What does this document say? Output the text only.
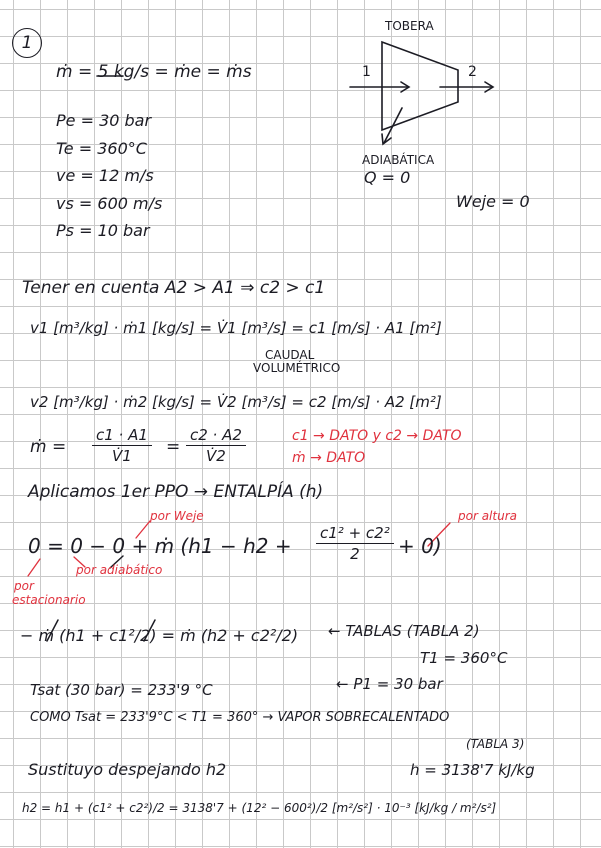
1
ṁ = 5 kg/s = ṁe = ṁs
Pe = 30 bar
Te = 360°C
ve = 12 m/s
vs = 600 m/s
Ps = 10 bar
TOBERA
1	2
ADIABÁTICA
Q = 0
Weje = 0
Tener en cuenta A2 > A1 ⇒ c2 > c1
v1 [m³/kg] · ṁ1 [kg/s] = V̇1 [m³/s] = c1 [m/s] · A1 [m²]
CAUDAL
VOLUMÉTRICO
v2 [m³/kg] · ṁ2 [kg/s] = V̇2 [m³/s] = c2 [m/s] · A2 [m²]
ṁ = $\frac{c1 \cdot A1}{V̇1} = \frac{c2 \cdot A2}{V̇2}$	c1 → DATO y c2 → DATO
ṁ → DATO
Aplicamos 1er PPO → ENTALPÍA (h)
por Weje	por altura
0 = 0 − 0 + ṁ $(h1 - h2 + \frac{\text{c1² + c2²}}{2} + 0)$
por adiabático
por
estacionario
− ṁ (h1 + c1²/2) = ṁ (h2 + c2²/2) ← TABLAS (TABLA 2)
T1 = 360°C
Tsat (30 bar) = 233'9 °C	← P1 = 30 bar
COMO Tsat = 233'9°C < T1 = 360° → VAPOR SOBRECALENTADO
(TABLA 3)
Sustituyo despejando h2	h = 3138'7 kJ/kg
h2 = h1 + (c1² + c2²)/2 = 3138'7 + (12² − 600²)/2 [m²/s²] · 10⁻³ [kJ/kg / m²/s²]
